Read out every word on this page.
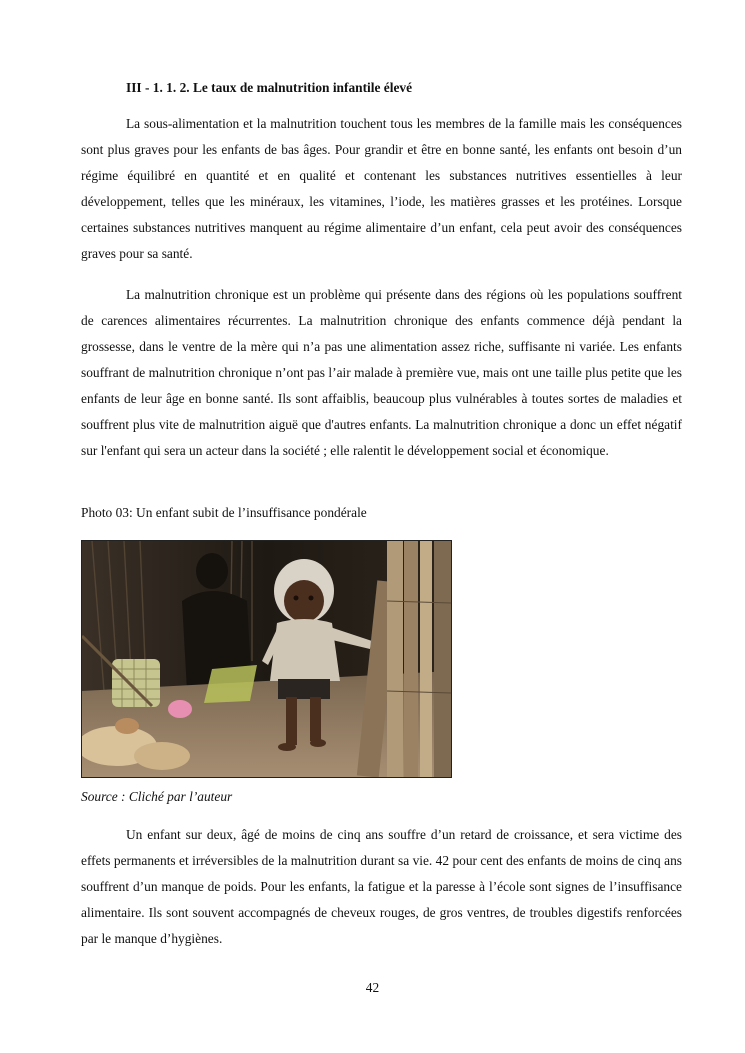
III - 1. 1. 2. Le taux de malnutrition infantile élevé

La sous-alimentation et la malnutrition touchent tous les membres de la famille mais les conséquences sont plus graves pour les enfants de bas âges. Pour grandir et être en bonne santé, les enfants ont besoin d’un régime équilibré en quantité et en qualité et contenant les substances nutritives essentielles à leur développement, telles que les minéraux, les vitamines, l’iode, les matières grasses et les protéines. Lorsque certaines substances nutritives manquent au régime alimentaire d’un enfant, cela peut avoir des conséquences graves pour sa santé.

La malnutrition chronique est un problème qui présente dans des régions où les populations souffrent de carences alimentaires récurrentes. La malnutrition chronique des enfants commence déjà pendant la grossesse, dans le ventre de la mère qui n’a pas une alimentation assez riche, suffisante ni variée. Les enfants souffrant de malnutrition chronique n’ont pas l’air malade à première vue, mais ont une taille plus petite que les enfants de leur âge en bonne santé. Ils sont affaiblis, beaucoup plus vulnérables à toutes sortes de maladies et souffrent plus vite de malnutrition aiguë que d'autres enfants. La malnutrition chronique a donc un effet négatif sur l'enfant qui sera un acteur dans la société ; elle ralentit le développement social et économique.

Photo 03: Un enfant subit de l’insuffisance pondérale

Source : Cliché par l’auteur

Un enfant sur deux, âgé de moins de cinq ans souffre d’un retard de croissance, et sera victime des effets permanents et irréversibles de la malnutrition durant sa vie. 42 pour cent des enfants de moins de cinq ans souffrent d’un manque de poids. Pour les enfants, la fatigue et la paresse à l’école sont signes de l’insuffisance alimentaire. Ils sont souvent accompagnés de cheveux rouges, de gros ventres, de troubles digestifs renforcées par le manque d’hygiènes.

42
